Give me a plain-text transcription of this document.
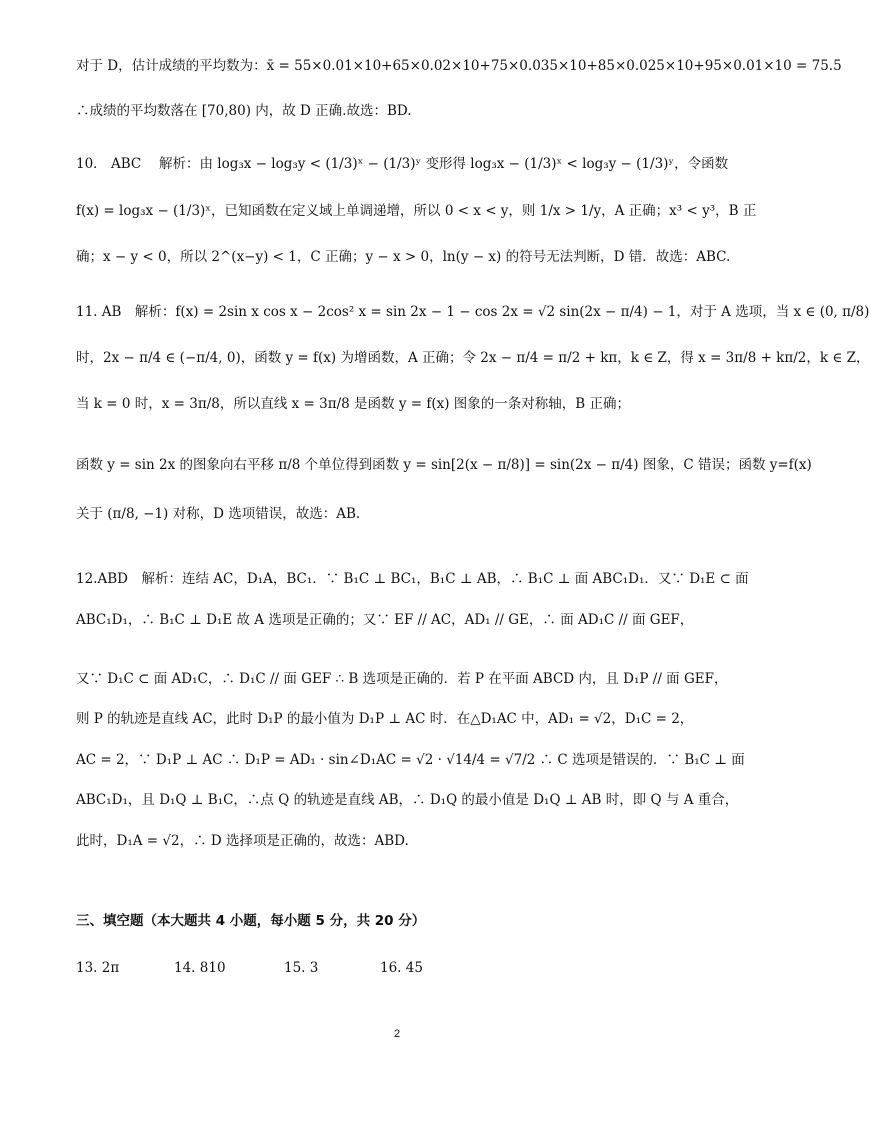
对于 D，估计成绩的平均数为：x̄ = 55×0.01×10+65×0.02×10+75×0.035×10+85×0.025×10+95×0.01×10 = 75.5
∴成绩的平均数落在 [70,80) 内，故 D 正确.故选：BD.
10． ABC　 解析：由 log₃x − log₃y < (1/3)ˣ − (1/3)ʸ 变形得 log₃x − (1/3)ˣ < log₃y − (1/3)ʸ，令函数
f(x) = log₃x − (1/3)ˣ，已知函数在定义域上单调递增，所以 0 < x < y，则 1/x > 1/y，A 正确；x³ < y³，B 正
确；x − y < 0，所以 2^(x−y) < 1，C 正确；y − x > 0，ln(y − x) 的符号无法判断，D 错．故选：ABC.
11. AB　解析：f(x) = 2sin x cos x − 2cos² x = sin 2x − 1 − cos 2x = √2 sin(2x − π/4) − 1，对于 A 选项，当 x ∈ (0, π/8)
时，2x − π/4 ∈ (−π/4, 0)，函数 y = f(x) 为增函数，A 正确；令 2x − π/4 = π/2 + kπ，k ∈ Z，得 x = 3π/8 + kπ/2，k ∈ Z，
当 k = 0 时，x = 3π/8，所以直线 x = 3π/8 是函数 y = f(x) 图象的一条对称轴，B 正确；
函数 y = sin 2x 的图象向右平移 π/8 个单位得到函数 y = sin[2(x − π/8)] = sin(2x − π/4) 图象，C 错误；函数 y=f(x)
关于 (π/8, −1) 对称，D 选项错误，故选：AB.
12.ABD　解析：连结 AC，D₁A，BC₁．∵ B₁C ⊥ BC₁，B₁C ⊥ AB，∴ B₁C ⊥ 面 ABC₁D₁．又∵ D₁E ⊂ 面
ABC₁D₁，∴ B₁C ⊥ D₁E 故 A 选项是正确的；又∵ EF // AC，AD₁ // GE，∴ 面 AD₁C // 面 GEF，
又∵ D₁C ⊂ 面 AD₁C，∴ D₁C // 面 GEF ∴ B 选项是正确的．若 P 在平面 ABCD 内，且 D₁P // 面 GEF，
则 P 的轨迹是直线 AC，此时 D₁P 的最小值为 D₁P ⊥ AC 时．在△D₁AC 中，AD₁ = √2，D₁C = 2，
AC = 2，∵ D₁P ⊥ AC ∴ D₁P = AD₁ · sin∠D₁AC = √2 · √14/4 = √7/2 ∴ C 选项是错误的．∵ B₁C ⊥ 面
ABC₁D₁，且 D₁Q ⊥ B₁C，∴点 Q 的轨迹是直线 AB，∴ D₁Q 的最小值是 D₁Q ⊥ AB 时，即 Q 与 A 重合，
此时，D₁A = √2，∴ D 选择项是正确的，故选：ABD.
三、填空题（本大题共 4 小题，每小题 5 分，共 20 分）
13. 2π	14. 810	15. 3	16. 45
2
